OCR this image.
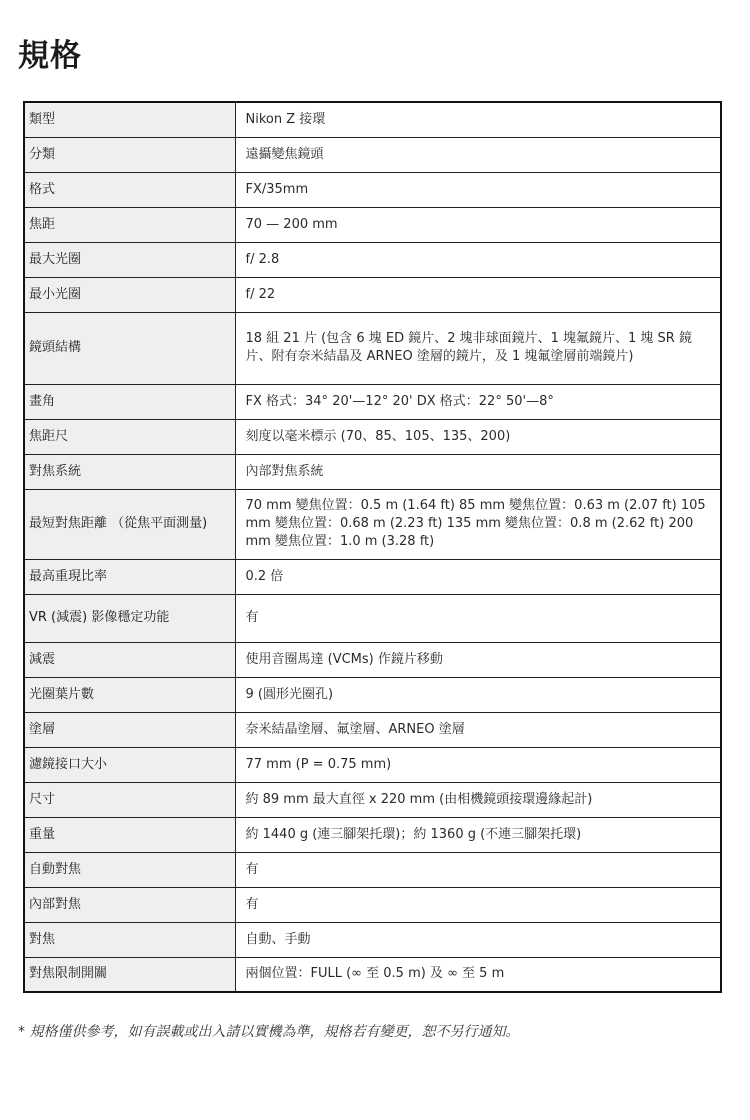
規格
類型	Nikon Z 接環
分類	遠攝變焦鏡頭
格式	FX/35mm
焦距	70 — 200 mm
最大光圈	f/ 2.8
最小光圈	f/ 22
鏡頭結構	18 組 21 片 (包含 6 塊 ED 鏡片、2 塊非球面鏡片、1 塊氟鏡片、1 塊 SR 鏡片、附有奈米結晶及 ARNEO 塗層的鏡片，及 1 塊氟塗層前端鏡片)
畫角	FX 格式：34° 20'—12° 20' DX 格式：22° 50'—8°
焦距尺	刻度以毫米標示 (70、85、105、135、200)
對焦系統	內部對焦系統
最短對焦距離 （從焦平面測量)	70 mm 變焦位置：0.5 m (1.64 ft) 85 mm 變焦位置：0.63 m (2.07 ft) 105 mm 變焦位置：0.68 m (2.23 ft) 135 mm 變焦位置：0.8 m (2.62 ft) 200 mm 變焦位置：1.0 m (3.28 ft)
最高重現比率	0.2 倍
VR (減震) 影像穩定功能	有
減震	使用音圈馬達 (VCMs) 作鏡片移動
光圈葉片數	9 (圓形光圈孔)
塗層	奈米結晶塗層、氟塗層、ARNEO 塗層
濾鏡接口大小	77 mm (P = 0.75 mm)
尺寸	約 89 mm 最大直徑 x 220 mm (由相機鏡頭接環邊緣起計)
重量	約 1440 g (連三腳架托環)；約 1360 g (不連三腳架托環)
自動對焦	有
內部對焦	有
對焦	自動、手動
對焦限制開關	兩個位置：FULL (∞ 至 0.5 m) 及 ∞ 至 5 m
* 規格僅供參考，如有誤載或出入請以實機為準，規格若有變更，恕不另行通知。
